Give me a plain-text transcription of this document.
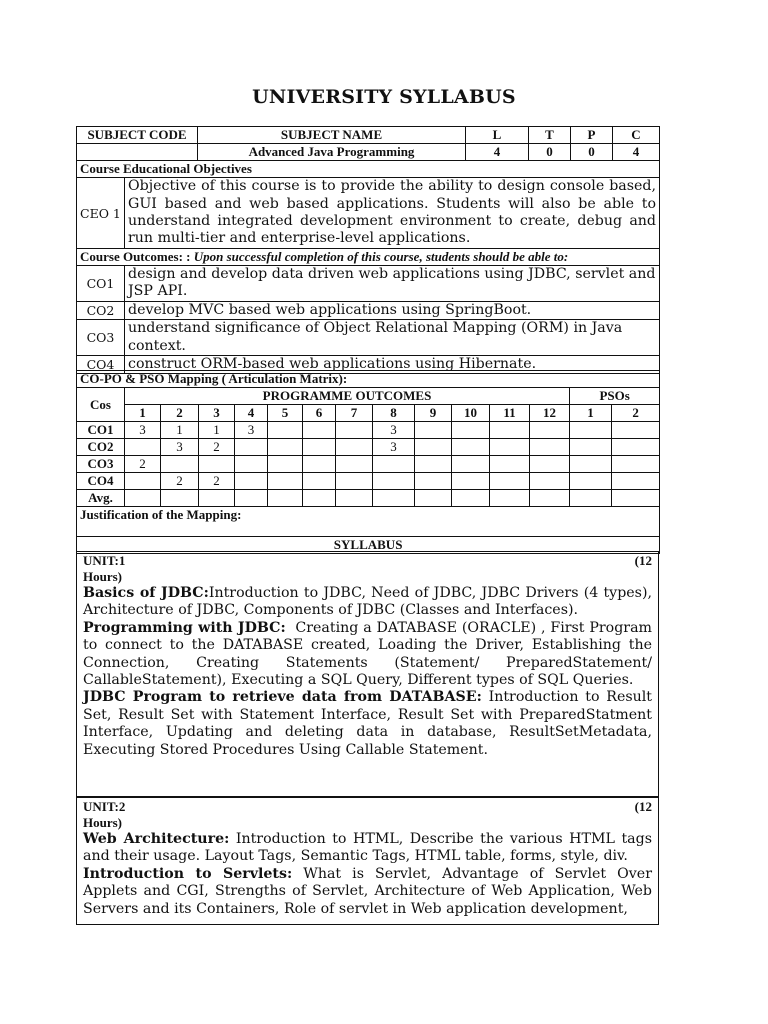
UNIVERSITY SYLLABUS
SUBJECT CODE	SUBJECT NAME	L	T	P	C
	Advanced Java Programming	4	0	0	4
Course Educational Objectives	
CEO 1	Objective of this course is to provide the ability to design console based, GUI based and web based applications. Students will also be able to understand integrated development environment to create, debug and run multi-tier and enterprise-level applications.
Course Outcomes: : Upon successful completion of this course, students should be able to:	
CO1	design and develop data driven web applications using JDBC, servlet and JSP API.
CO2	develop MVC based web applications using SpringBoot.
CO3	understand significance of Object Relational Mapping (ORM) in Java context.
CO4	construct ORM-based web applications using Hibernate.
CO-PO & PSO Mapping ( Articulation Matrix):														
Cos	PROGRAMME OUTCOMES												PSOs	
	1	2	3	4	5	6	7	8	9	10	11	12	1	2
CO1	3	1	1	3				3						
CO2		3	2					3						
CO3	2													
CO4		2	2											
Avg.														
Justification of the Mapping:														
SYLLABUS														
UNIT:1	(12
Hours)

Basics of JDBC:Introduction to JDBC, Need of JDBC, JDBC Drivers (4 types), Architecture of JDBC, Components of JDBC (Classes and Interfaces).

Programming with JDBC:  Creating a DATABASE (ORACLE) , First Program to connect to the DATABASE created, Loading the Driver, Establishing the Connection, Creating Statements (Statement/ PreparedStatement/ CallableStatement), Executing a SQL Query, Different types of SQL Queries.

JDBC Program to retrieve data from DATABASE: Introduction to Result Set, Result Set with Statement Interface, Result Set with PreparedStatment Interface, Updating and deleting data in database, ResultSetMetadata, Executing Stored Procedures Using Callable Statement.

UNIT:2	(12
Hours)

Web Architecture: Introduction to HTML, Describe the various HTML tags and their usage. Layout Tags, Semantic Tags, HTML table, forms, style, div.

Introduction to Servlets: What is Servlet, Advantage of Servlet Over Applets and CGI, Strengths of Servlet, Architecture of Web Application, Web Servers and its Containers, Role of servlet in Web application development,
